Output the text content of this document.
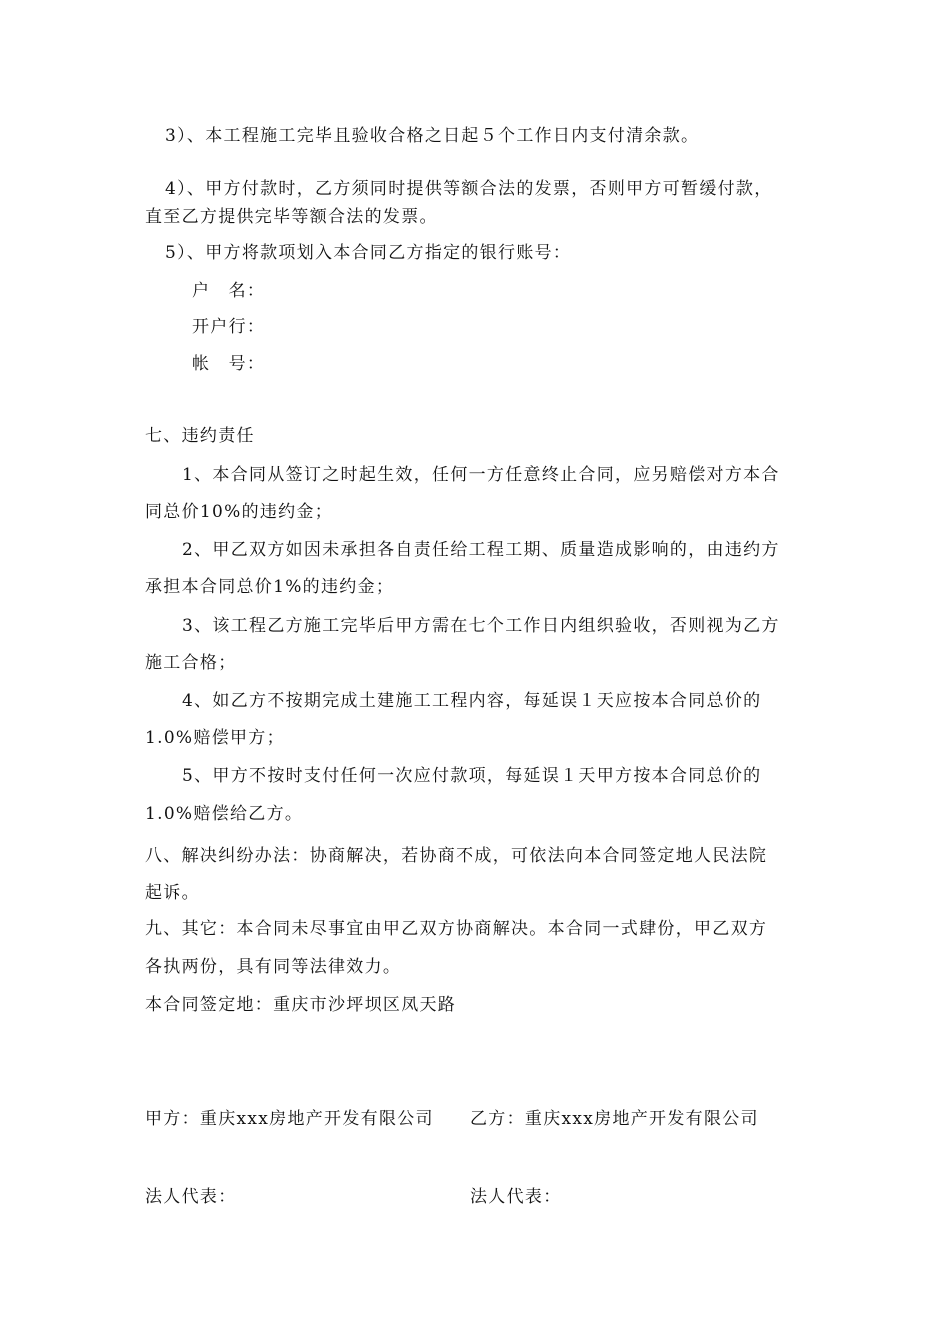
3）、本工程施工完毕且验收合格之日起５个工作日内支付清余款。
4）、甲方付款时，乙方须同时提供等额合法的发票，否则甲方可暂缓付款，
直至乙方提供完毕等额合法的发票。
5）、甲方将款项划入本合同乙方指定的银行账号：
户　名：
开户行：
帐　号：
七、违约责任
1、本合同从签订之时起生效，任何一方任意终止合同，应另赔偿对方本合
同总价10%的违约金；
2、甲乙双方如因未承担各自责任给工程工期、质量造成影响的，由违约方
承担本合同总价1%的违约金；
3、该工程乙方施工完毕后甲方需在七个工作日内组织验收，否则视为乙方
施工合格；
4、如乙方不按期完成土建施工工程内容，每延误１天应按本合同总价的
1.0%赔偿甲方；
5、甲方不按时支付任何一次应付款项，每延误１天甲方按本合同总价的
1.0%赔偿给乙方。
八、解决纠纷办法：协商解决，若协商不成，可依法向本合同签定地人民法院
起诉。
九、其它：本合同未尽事宜由甲乙双方协商解决。本合同一式肆份，甲乙双方
各执两份，具有同等法律效力。
本合同签定地：重庆市沙坪坝区凤天路
甲方：重庆xxx房地产开发有限公司 乙方：重庆xxx房地产开发有限公司
法人代表：	法人代表：
